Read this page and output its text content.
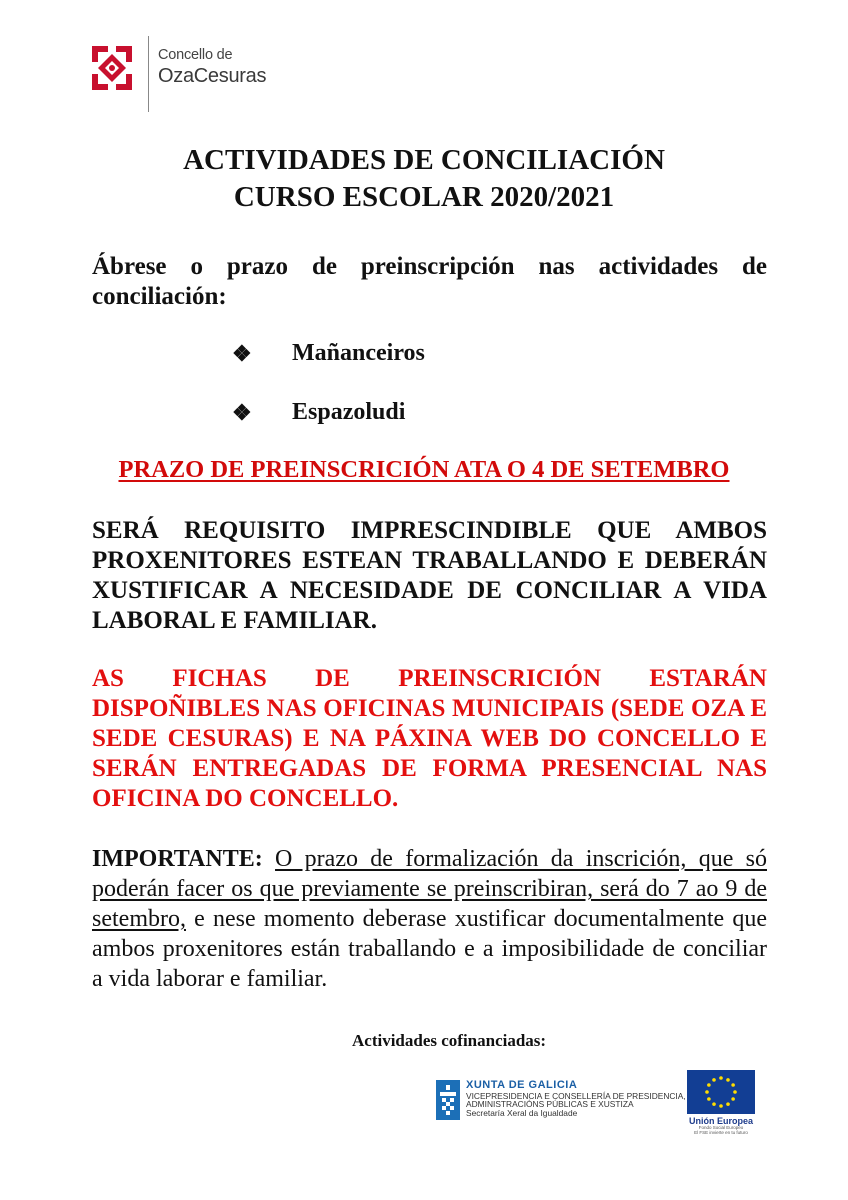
Concello de
OzaCesuras
ACTIVIDADES DE CONCILIACIÓN
CURSO ESCOLAR 2020/2021
Ábrese o prazo de preinscripción nas actividades de conciliación:
❖ Mañanceiros
❖ Espazoludi
PRAZO DE PREINSCRICIÓN ATA O 4 DE SETEMBRO
SERÁ REQUISITO IMPRESCINDIBLE QUE AMBOS PROXENITORES ESTEAN TRABALLANDO E DEBERÁN XUSTIFICAR A NECESIDADE DE CONCILIAR A VIDA LABORAL E FAMILIAR.
AS FICHAS DE PREINSCRICIÓN ESTARÁN DISPOÑIBLES NAS OFICINAS MUNICIPAIS (SEDE OZA E SEDE CESURAS) E NA PÁXINA WEB DO CONCELLO E SERÁN ENTREGADAS DE FORMA PRESENCIAL NAS OFICINA DO CONCELLO.
IMPORTANTE: O prazo de formalización da inscrición, que só poderán facer os que previamente se preinscribiran, será do 7 ao 9 de setembro, e nese momento deberase xustificar documentalmente que ambos proxenitores están traballando e a imposibilidade de conciliar a vida laborar e familiar.
Actividades cofinanciadas:
XUNTA DE GALICIA
VICEPRESIDENCIA E CONSELLERÍA DE PRESIDENCIA,
ADMINISTRACIÓNS PÚBLICAS E XUSTIZA
Secretaría Xeral da Igualdade
Unión Europea
Fondo Social Europeo
El FSE invierte en tu futuro
